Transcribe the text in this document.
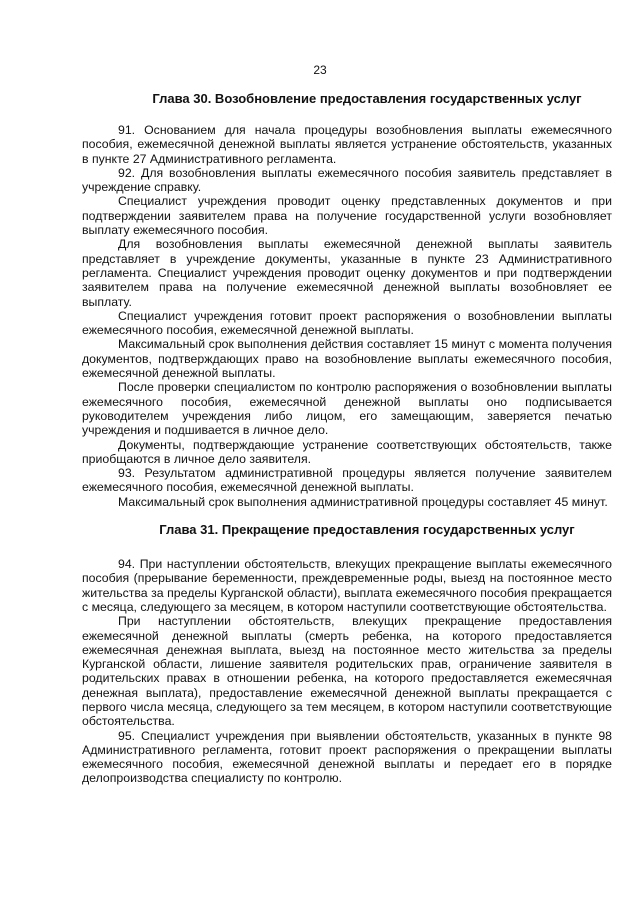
23
Глава 30. Возобновление предоставления государственных услуг

91. Основанием для начала процедуры возобновления выплаты ежемесячного пособия, ежемесячной денежной выплаты является устранение обстоятельств, указанных в пункте 27 Административного регламента.

92. Для возобновления выплаты ежемесячного пособия заявитель представляет в учреждение справку.

Специалист учреждения проводит оценку представленных документов и при подтверждении заявителем права на получение государственной услуги возобновляет выплату ежемесячного пособия.

Для возобновления выплаты ежемесячной денежной выплаты заявитель представляет в учреждение документы, указанные в пункте 23 Административного регламента. Специалист учреждения проводит оценку документов и при подтверждении заявителем права на получение ежемесячной денежной выплаты возобновляет ее выплату.

Специалист учреждения готовит проект распоряжения о возобновлении выплаты ежемесячного пособия, ежемесячной денежной выплаты.

Максимальный срок выполнения действия составляет 15 минут с момента получения документов, подтверждающих право на возобновление выплаты ежемесячного пособия, ежемесячной денежной выплаты.

После проверки специалистом по контролю распоряжения о возобновлении выплаты ежемесячного пособия, ежемесячной денежной выплаты оно подписывается руководителем учреждения либо лицом, его замещающим, заверяется печатью учреждения и подшивается в личное дело.

Документы, подтверждающие устранение соответствующих обстоятельств, также приобщаются в личное дело заявителя.

93. Результатом административной процедуры является получение заявителем ежемесячного пособия, ежемесячной денежной выплаты.

Максимальный срок выполнения административной процедуры составляет 45 минут.

Глава 31. Прекращение предоставления государственных услуг

94. При наступлении обстоятельств, влекущих прекращение выплаты ежемесячного пособия (прерывание беременности, преждевременные роды, выезд на постоянное место жительства за пределы Курганской области), выплата ежемесячного пособия прекращается с месяца, следующего за месяцем, в котором наступили соответствующие обстоятельства.

При наступлении обстоятельств, влекущих прекращение предоставления ежемесячной денежной выплаты (смерть ребенка, на которого предоставляется ежемесячная денежная выплата, выезд на постоянное место жительства за пределы Курганской области, лишение заявителя родительских прав, ограничение заявителя в родительских правах в отношении ребенка, на которого предоставляется ежемесячная денежная выплата), предоставление ежемесячной денежной выплаты прекращается с первого числа месяца, следующего за тем месяцем, в котором наступили соответствующие обстоятельства.

95. Специалист учреждения при выявлении обстоятельств, указанных в пункте 98 Административного регламента, готовит проект распоряжения о прекращении выплаты ежемесячного пособия, ежемесячной денежной выплаты и передает его в порядке делопроизводства специалисту по контролю.
